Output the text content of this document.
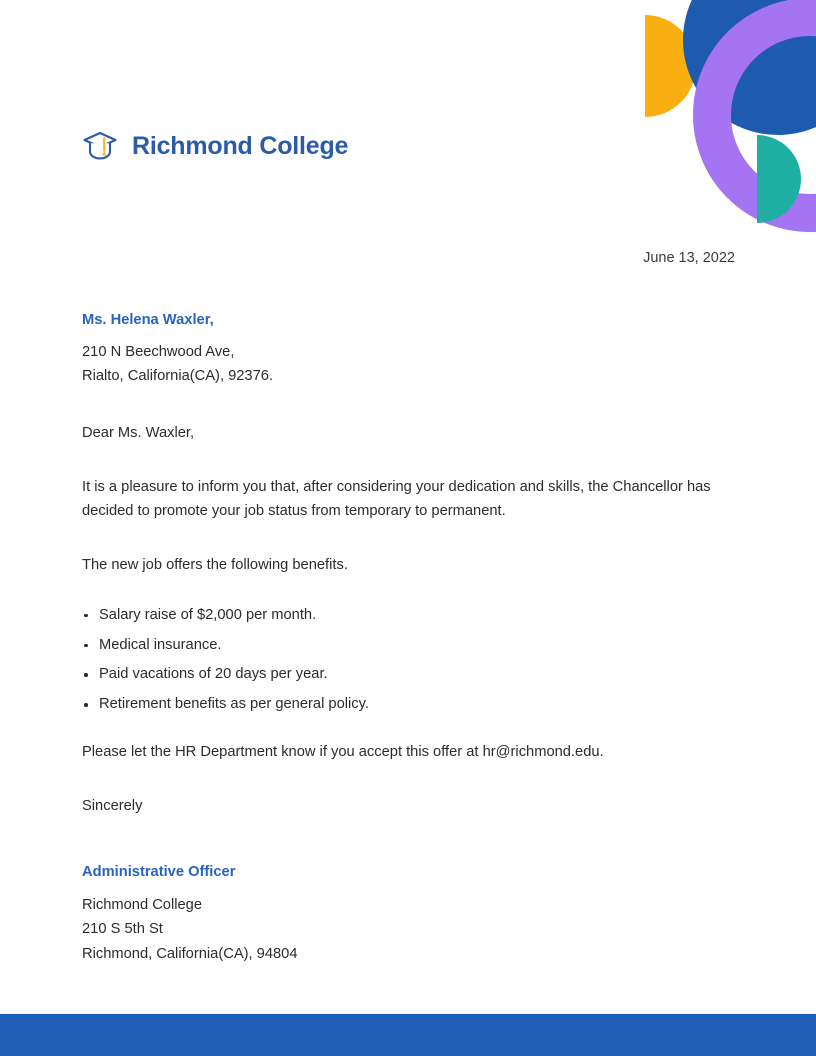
Richmond College
June 13, 2022

Ms. Helena Waxler,

210 N Beechwood Ave,

Rialto, California(CA), 92376.

Dear Ms. Waxler,

It is a pleasure to inform you that, after considering your dedication and skills, the Chancellor has decided to promote your job status from temporary to permanent.

The new job offers the following benefits.

Salary raise of $2,000 per month.
Medical insurance.
Paid vacations of 20 days per year.
Retirement benefits as per general policy.

Please let the HR Department know if you accept this offer at hr@richmond.edu.

Sincerely

Administrative Officer

Richmond College

210 S 5th St

Richmond, California(CA), 94804
